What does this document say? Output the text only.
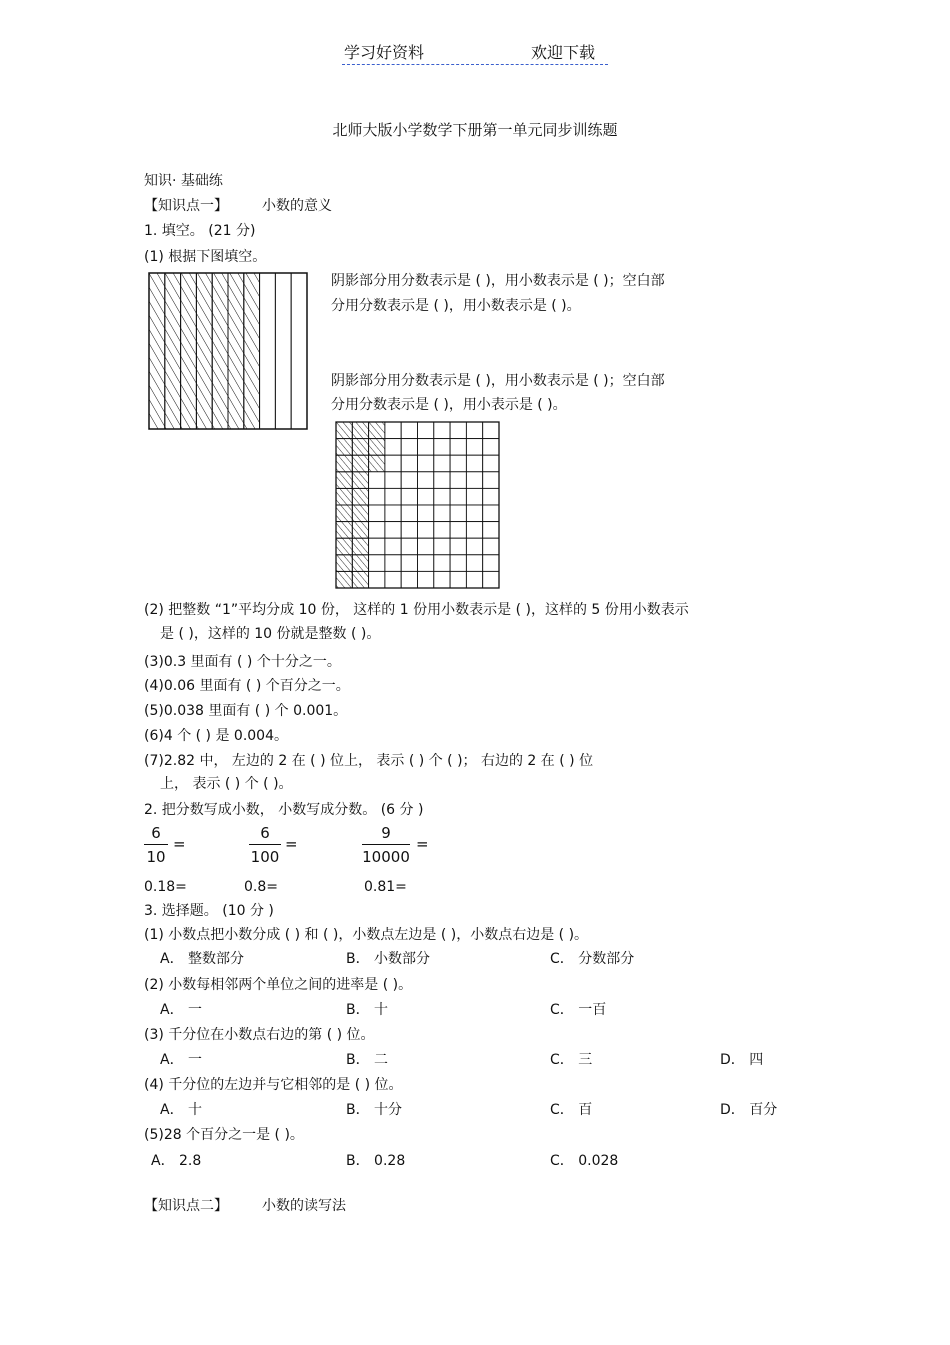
学习好资料	欢迎下载
北师大版小学数学下册第一单元同步训练题
知识· 基础练
【知识点一】 小数的意义
1. 填空。 (21 分)
(1) 根据下图填空。
阴影部分用分数表示是 ( )，用小数表示是 ( )；空白部
分用分数表示是 ( )，用小数表示是 ( )。
阴影部分用分数表示是 ( )，用小数表示是 ( )；空白部
分用分数表示是 ( )，用小表示是 ( )。
(2) 把整数 “1”平均分成 10 份， 这样的 1 份用小数表示是 ( )，这样的 5 份用小数表示
是 ( )，这样的 10 份就是整数 ( )。
(3)0.3 里面有 ( ) 个十分之一。
(4)0.06 里面有 ( ) 个百分之一。
(5)0.038 里面有 ( ) 个 0.001。
(6)4 个 ( ) 是 0.004。
(7)2.82 中， 左边的 2 在 ( ) 位上， 表示 ( ) 个 ( )； 右边的 2 在 ( ) 位
上， 表示 ( ) 个 ( )。
2. 把分数写成小数， 小数写成分数。 (6 分 )
6
10
=
6
100
=
9
10000
=
0.18=	0.8=	0.81=
3. 选择题。 (10 分 )
(1) 小数点把小数分成 ( ) 和 ( )，小数点左边是 ( )，小数点右边是 ( )。
A． 整数部分	B． 小数部分	C． 分数部分
(2) 小数每相邻两个单位之间的进率是 ( )。
A． 一	B． 十	C． 一百
(3) 千分位在小数点右边的第 ( ) 位。
A． 一	B． 二	C． 三	D． 四
(4) 千分位的左边并与它相邻的是 ( ) 位。
A． 十	B． 十分	C． 百	D． 百分
(5)28 个百分之一是 ( )。
A． 2.8	B． 0.28	C． 0.028
【知识点二】 小数的读写法
